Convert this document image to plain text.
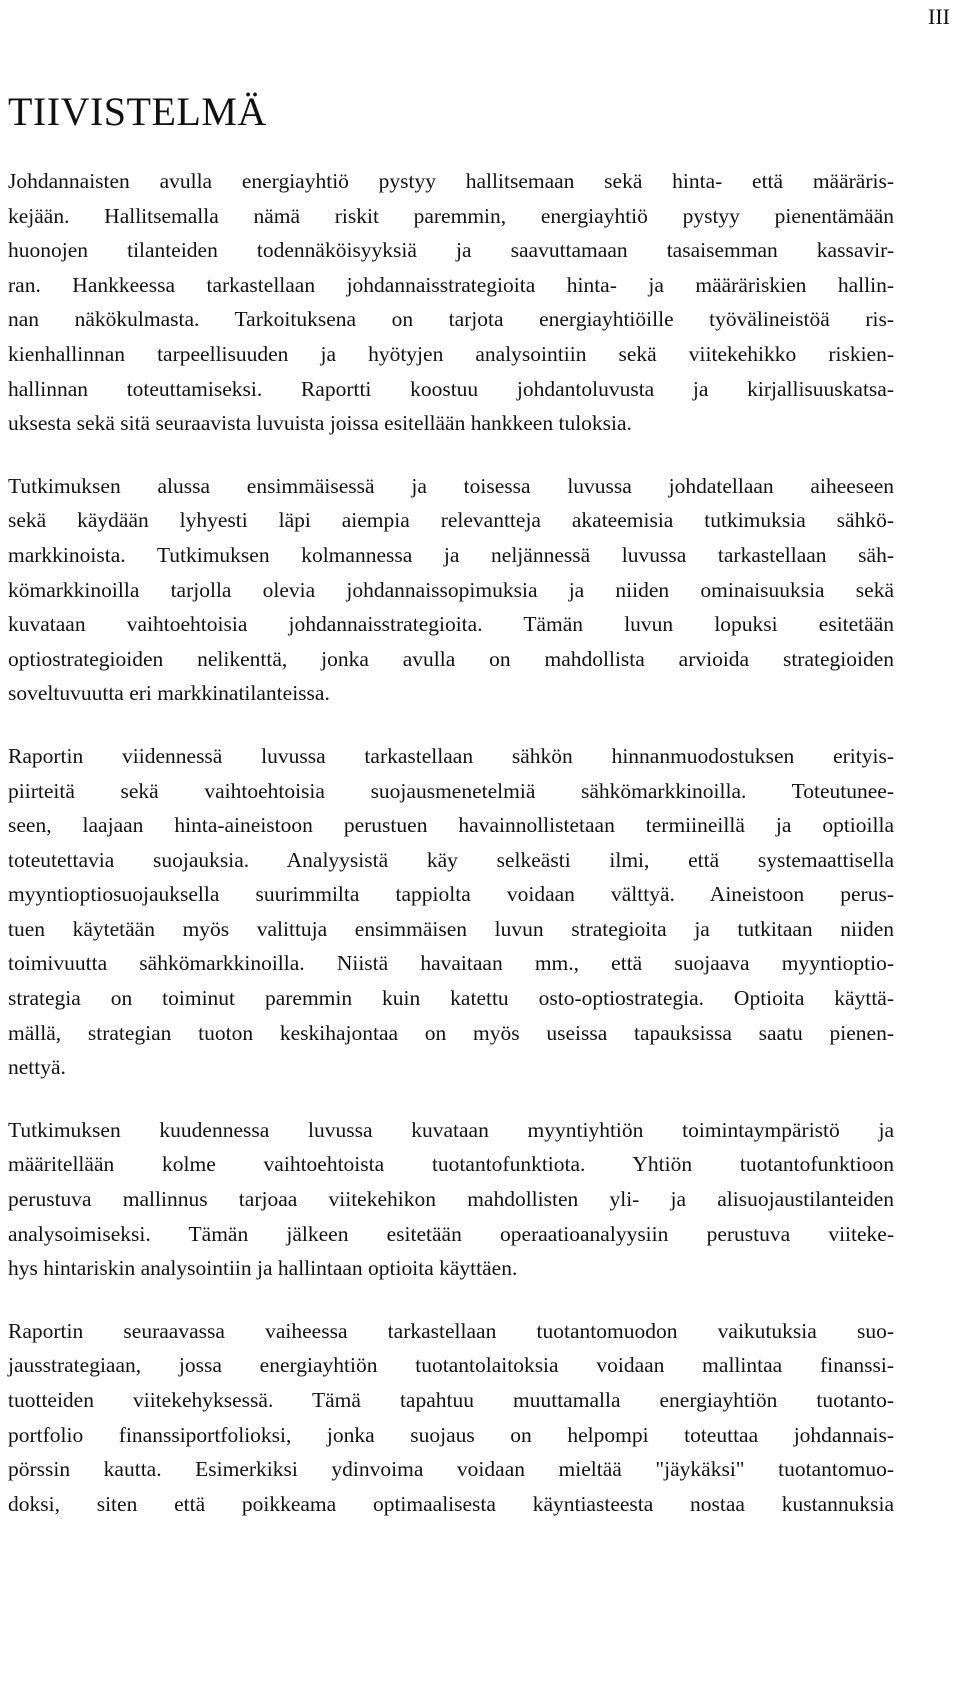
III
TIIVISTELMÄ

Johdannaisten avulla energiayhtiö pystyy hallitsemaan sekä hinta- että määräris-
kejään. Hallitsemalla nämä riskit paremmin, energiayhtiö pystyy pienentämään
huonojen tilanteiden todennäköisyyksiä ja saavuttamaan tasaisemman kassavir-
ran. Hankkeessa tarkastellaan johdannaisstrategioita hinta- ja määräriskien hallin-
nan näkökulmasta. Tarkoituksena on tarjota energiayhtiöille työvälineistöä ris-
kienhallinnan tarpeellisuuden ja hyötyjen analysointiin sekä viitekehikko riskien-
hallinnan toteuttamiseksi. Raportti koostuu johdantoluvusta ja kirjallisuuskatsa-
uksesta sekä sitä seuraavista luvuista joissa esitellään hankkeen tuloksia.

Tutkimuksen alussa ensimmäisessä ja toisessa luvussa johdatellaan aiheeseen
sekä käydään lyhyesti läpi aiempia relevantteja akateemisia tutkimuksia sähkö-
markkinoista. Tutkimuksen kolmannessa ja neljännessä luvussa tarkastellaan säh-
kömarkkinoilla tarjolla olevia johdannaissopimuksia ja niiden ominaisuuksia sekä
kuvataan vaihtoehtoisia johdannaisstrategioita. Tämän luvun lopuksi esitetään
optiostrategioiden nelikenttä, jonka avulla on mahdollista arvioida strategioiden
soveltuvuutta eri markkinatilanteissa.

Raportin viidennessä luvussa tarkastellaan sähkön hinnanmuodostuksen erityis-
piirteitä sekä vaihtoehtoisia suojausmenetelmiä sähkömarkkinoilla. Toteutunee-
seen, laajaan hinta-aineistoon perustuen havainnollistetaan termiineillä ja optioilla
toteutettavia suojauksia. Analyysistä käy selkeästi ilmi, että systemaattisella
myyntioptiosuojauksella suurimmilta tappiolta voidaan välttyä. Aineistoon perus-
tuen käytetään myös valittuja ensimmäisen luvun strategioita ja tutkitaan niiden
toimivuutta sähkömarkkinoilla. Niistä havaitaan mm., että suojaava myyntioptio-
strategia on toiminut paremmin kuin katettu osto-optiostrategia. Optioita käyttä-
mällä, strategian tuoton keskihajontaa on myös useissa tapauksissa saatu pienen-
nettyä.

Tutkimuksen kuudennessa luvussa kuvataan myyntiyhtiön toimintaympäristö ja
määritellään kolme vaihtoehtoista tuotantofunktiota. Yhtiön tuotantofunktioon
perustuva mallinnus tarjoaa viitekehikon mahdollisten yli- ja alisuojaustilanteiden
analysoimiseksi. Tämän jälkeen esitetään operaatioanalyysiin perustuva viiteke-
hys hintariskin analysointiin ja hallintaan optioita käyttäen.

Raportin seuraavassa vaiheessa tarkastellaan tuotantomuodon vaikutuksia suo-
jausstrategiaan, jossa energiayhtiön tuotantolaitoksia voidaan mallintaa finanssi-
tuotteiden viitekehyksessä. Tämä tapahtuu muuttamalla energiayhtiön tuotanto-
portfolio finanssiportfolioksi, jonka suojaus on helpompi toteuttaa johdannais-
pörssin kautta. Esimerkiksi ydinvoima voidaan mieltää "jäykäksi" tuotantomuo-
doksi, siten että poikkeama optimaalisesta käyntiasteesta nostaa kustannuksia
